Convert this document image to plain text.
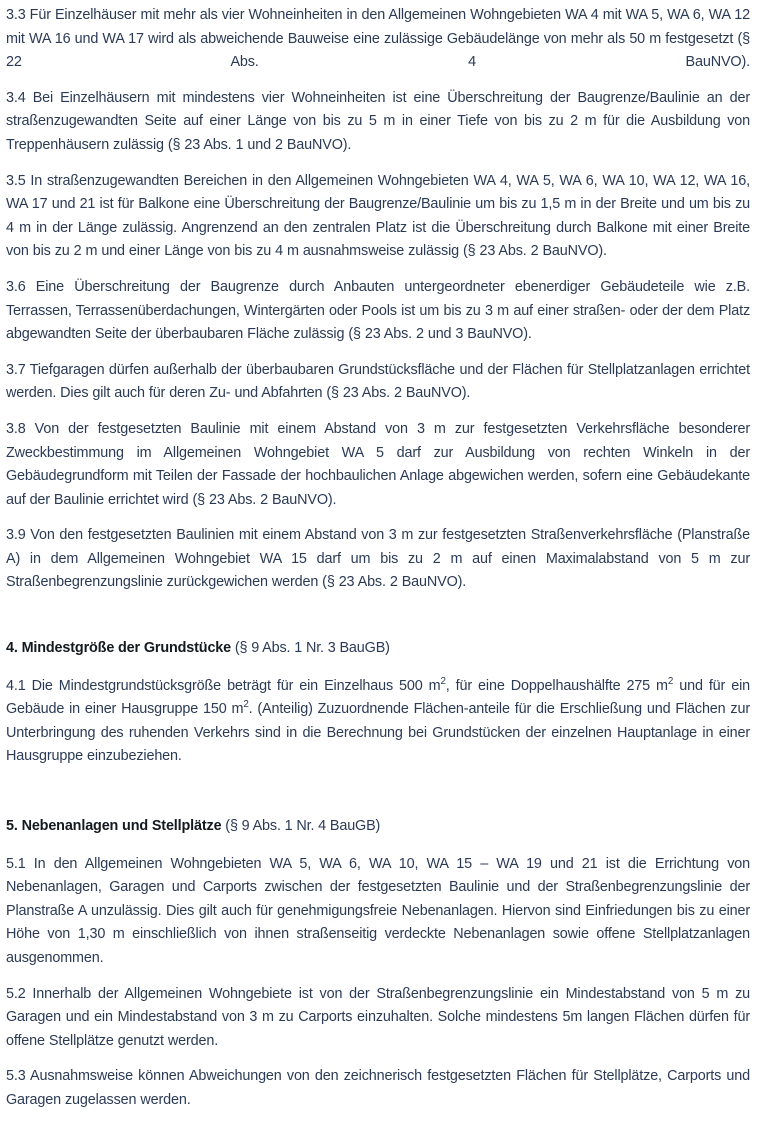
3.3 Für Einzelhäuser mit mehr als vier Wohneinheiten in den Allgemeinen Wohngebieten WA 4 mit WA 5, WA 6, WA 12 mit WA 16 und WA 17 wird als abweichende Bauweise eine zulässige Gebäudelänge von mehr als 50 m festgesetzt (§ 22 Abs. 4 BauNVO).

3.4 Bei Einzelhäusern mit mindestens vier Wohneinheiten ist eine Überschreitung der Baugrenze/Baulinie an der straßenzugewandten Seite auf einer Länge von bis zu 5 m in einer Tiefe von bis zu 2 m für die Ausbildung von Treppenhäusern zulässig (§ 23 Abs. 1 und 2 BauNVO).

3.5 In straßenzugewandten Bereichen in den Allgemeinen Wohngebieten WA 4, WA 5, WA 6, WA 10, WA 12, WA 16, WA 17 und 21 ist für Balkone eine Überschreitung der Baugrenze/Baulinie um bis zu 1,5 m in der Breite und um bis zu 4 m in der Länge zulässig. Angrenzend an den zentralen Platz ist die Überschreitung durch Balkone mit einer Breite von bis zu 2 m und einer Länge von bis zu 4 m ausnahmsweise zulässig (§ 23 Abs. 2 BauNVO).

3.6 Eine Überschreitung der Baugrenze durch Anbauten untergeordneter ebenerdiger Gebäudeteile wie z.B. Terrassen, Terrassenüberdachungen, Wintergärten oder Pools ist um bis zu 3 m auf einer straßen- oder der dem Platz abgewandten Seite der überbaubaren Fläche zulässig (§ 23 Abs. 2 und 3 BauNVO).

3.7 Tiefgaragen dürfen außerhalb der überbaubaren Grundstücksfläche und der Flächen für Stellplatzanlagen errichtet werden. Dies gilt auch für deren Zu- und Abfahrten (§ 23 Abs. 2 BauNVO).

3.8 Von der festgesetzten Baulinie mit einem Abstand von 3 m zur festgesetzten Verkehrsfläche besonderer Zweckbestimmung im Allgemeinen Wohngebiet WA 5 darf zur Ausbildung von rechten Winkeln in der Gebäudegrundform mit Teilen der Fassade der hochbaulichen Anlage abgewichen werden, sofern eine Gebäudekante auf der Baulinie errichtet wird (§ 23 Abs. 2 BauNVO).

3.9 Von den festgesetzten Baulinien mit einem Abstand von 3 m zur festgesetzten Straßenverkehrsfläche (Planstraße A) in dem Allgemeinen Wohngebiet WA 15 darf um bis zu 2 m auf einen Maximalabstand von 5 m zur Straßenbegrenzungslinie zurückgewichen werden (§ 23 Abs. 2 BauNVO).

4. Mindestgröße der Grundstücke (§ 9 Abs. 1 Nr. 3 BauGB)

4.1 Die Mindestgrundstücksgröße beträgt für ein Einzelhaus 500 $m^2$, für eine Doppelhaushälfte 275 $m^2$ und für ein Gebäude in einer Hausgruppe 150 $m^2$. (Anteilig) Zuzuordnende Flächen-anteile für die Erschließung und Flächen zur Unterbringung des ruhenden Verkehrs sind in die Berechnung bei Grundstücken der einzelnen Hauptanlage in einer Hausgruppe einzubeziehen.

5. Nebenanlagen und Stellplätze (§ 9 Abs. 1 Nr. 4 BauGB)

5.1 In den Allgemeinen Wohngebieten WA 5, WA 6, WA 10, WA 15 – WA 19 und 21 ist die Errichtung von Nebenanlagen, Garagen und Carports zwischen der festgesetzten Baulinie und der Straßenbegrenzungslinie der Planstraße A unzulässig. Dies gilt auch für genehmigungsfreie Nebenanlagen. Hiervon sind Einfriedungen bis zu einer Höhe von 1,30 m einschließlich von ihnen straßenseitig verdeckte Nebenanlagen sowie offene Stellplatzanlagen ausgenommen.

5.2 Innerhalb der Allgemeinen Wohngebiete ist von der Straßenbegrenzungslinie ein Mindestabstand von 5 m zu Garagen und ein Mindestabstand von 3 m zu Carports einzuhalten. Solche mindestens 5m langen Flächen dürfen für offene Stellplätze genutzt werden.

5.3 Ausnahmsweise können Abweichungen von den zeichnerisch festgesetzten Flächen für Stellplätze, Carports und Garagen zugelassen werden.
